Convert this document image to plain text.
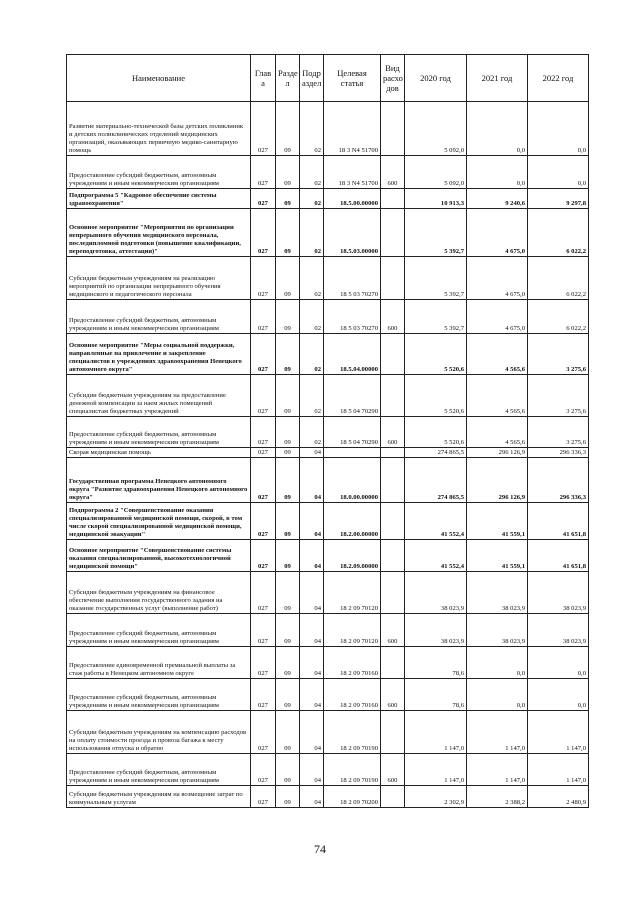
Наименование	Глав а	Разде л	Подр аздел	Целевая статья	Вид расхо дов	2020 год	2021 год	2022 год
Развитие материально-технической базы детских поликлиник и детских поликлинических отделений медицинских организаций, оказывающих первичную медико-санитарную помощь	027	09	02	18 3 N4 51700		5 092,0	0,0	0,0
Предоставление субсидий бюджетным, автономным учреждениям и иным некоммерческим организациям	027	09	02	18 3 N4 51700	600	5 092,0	0,0	0,0
Подпрограмма 5 "Кадровое обеспечение системы здравоохранения"	027	09	02	18.5.00.00000		10 913,3	9 240,6	9 297,8
Основное мероприятие "Мероприятия по организации непрерывного обучения медицинского персонала, последипломной подготовки (повышение квалификации, переподготовка, аттестация)"	027	09	02	18.5.03.00000		5 392,7	4 675,0	6 022,2
Субсидии бюджетным учреждениям на реализацию мероприятий по организации непрерывного обучения медицинского и педагогического персонала	027	09	02	18 5 03 70270		5 392,7	4 675,0	6 022,2
Предоставление субсидий бюджетным, автономным учреждениям и иным некоммерческим организациям	027	09	02	18 5 03 70270	600	5 392,7	4 675,0	6 022,2
Основное мероприятие "Меры социальной поддержки, направленные на привлечение и закрепление специалистов в учреждениях здравоохранения Ненецкого автономного округа"	027	09	02	18.5.04.00000		5 520,6	4 565,6	3 275,6
Субсидии бюджетным учреждениям на предоставление денежной компенсации за наем жилых помещений специалистам бюджетных учреждений	027	09	02	18 5 04 70290		5 520,6	4 565,6	3 275,6
Предоставление субсидий бюджетным, автономным учреждениям и иным некоммерческим организациям	027	09	02	18 5 04 70290	600	5 520,6	4 565,6	3 275,6
Скорая медицинская помощь	027	09	04			274 865,5	296 126,9	296 336,3
Государственная программа Ненецкого автономного округа "Развитие здравоохранения Ненецкого автономного округа"	027	09	04	18.0.00.00000		274 865,5	296 126,9	296 336,3
Подпрограмма 2 "Совершенствование оказания специализированной медицинской помощи, скорой, в том числе скорой специализированной медицинской помощи, медицинской эвакуации"	027	09	04	18.2.00.00000		41 552,4	41 559,1	41 651,8
Основное мероприятие "Совершенствование системы оказания специализированной, высокотехнологичной медицинской помощи"	027	09	04	18.2.09.00000		41 552,4	41 559,1	41 651,8
Субсидии бюджетным учреждениям на финансовое обеспечение выполнения государственного задания на оказание государственных услуг (выполнение работ)	027	09	04	18 2 09 70120		38 023,9	38 023,9	38 023,9
Предоставление субсидий бюджетным, автономным учреждениям и иным некоммерческим организациям	027	09	04	18 2 09 70120	600	38 023,9	38 023,9	38 023,9
Предоставление единовременной премиальной выплаты за стаж работы в Ненецком автономном округе	027	09	04	18 2 09 70160		78,6	0,0	0,0
Предоставление субсидий бюджетным, автономным учреждениям и иным некоммерческим организациям	027	09	04	18 2 09 70160	600	78,6	0,0	0,0
Субсидии бюджетным учреждениям на компенсацию расходов на оплату стоимости проезда и провоза багажа к месту использования отпуска и обратно	027	09	04	18 2 09 70190		1 147,0	1 147,0	1 147,0
Предоставление субсидий бюджетным, автономным учреждениям и иным некоммерческим организациям	027	09	04	18 2 09 70190	600	1 147,0	1 147,0	1 147,0
Субсидии бюджетным учреждениям на возмещение затрат по коммунальным услугам	027	09	04	18 2 09 70200		2 302,9	2 388,2	2 480,9
74
